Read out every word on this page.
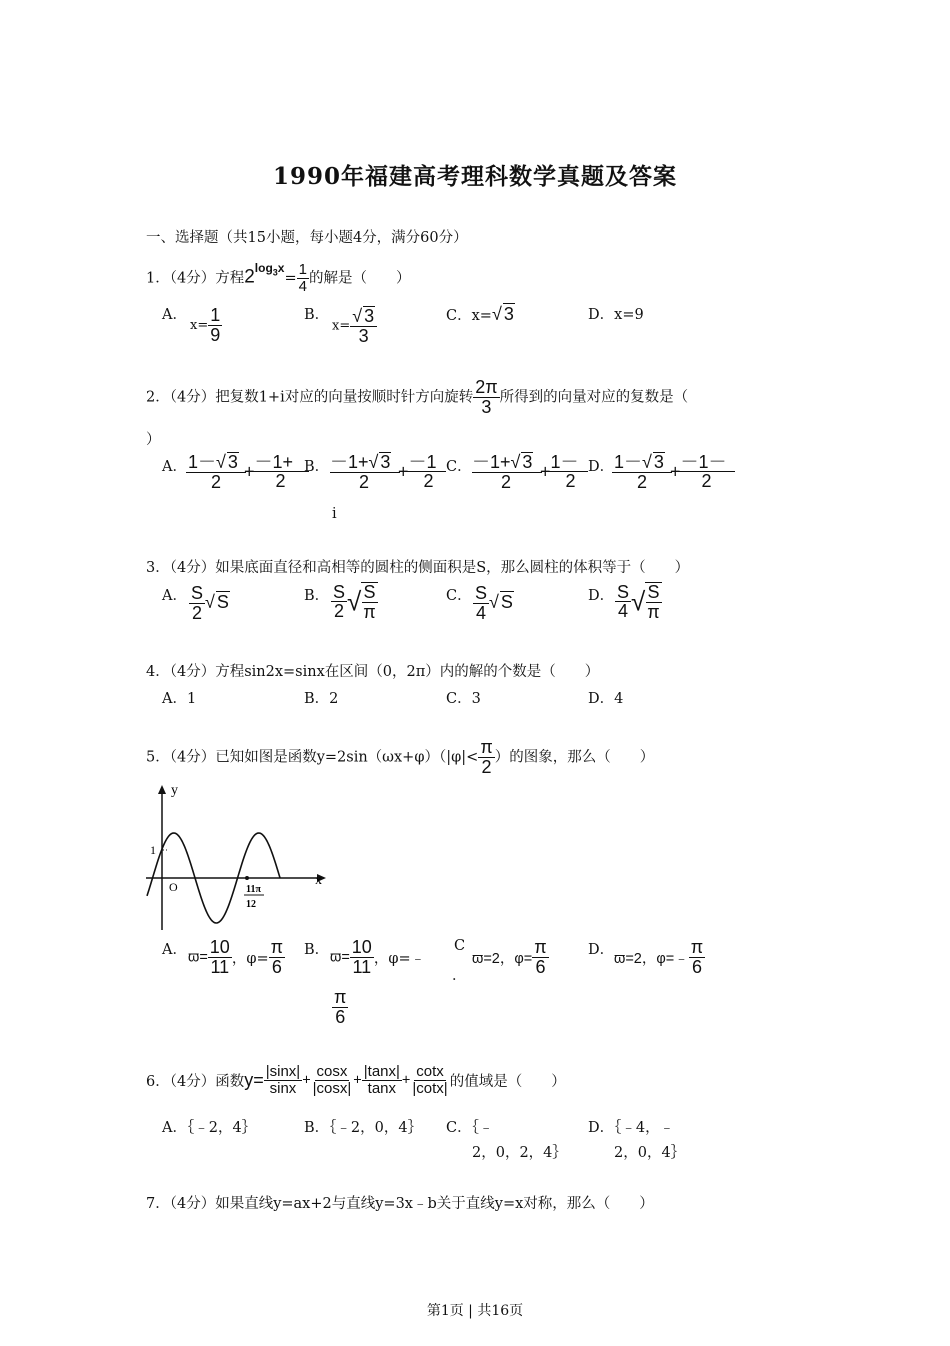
1990年福建高考理科数学真题及答案
一、选择题（共15小题，每小题4分，满分60分）
1．（4分）方程$2^{log_3x}= \frac{1}{4}$ 的解是（　　）
A．
$x= \frac{1}{9}$	B．
$x= \frac{√ 3}{3}$	C．x=√ 3	D．x=9
2．（4分）把复数1+i对应的向量按顺时针方向旋转 $\frac{2\pi}{3}$ 所得到的向量对应的复数是（
）
A． $\frac{1-√ 3}{2} + \frac{-1+}{2}$
B． $\frac{-1+√ 3}{2} + \frac{-1}{2}$
i
C． $\frac{-1+√ 3}{2} + \frac{1-}{2}$
D． $\frac{1-√ 3}{2} + \frac{-1-}{2}$
3．（4分）如果底面直径和高相等的圆柱的侧面积是S，那么圆柱的体积等于（　　）
A． $\frac{S}{2}$ √ S	B． $\frac{S}{2}$ √ $\frac{S}{\pi}$	C． $\frac{S}{4}$ √ S	D． $\frac{S}{4}$ √ $\frac{S}{\pi}$
4．（4分）方程sin2x=sinx在区间（0，2π）内的解的个数是（　　）
A．1	B．2	C．3	D．4
5．（4分）已知如图是函数$y=2\sin(\omega x+\varphi)(|\varphi|< \frac{\pi}{2}$ ）的图象，那么（　　）
y
x
O
1
11π
12
A． $ϖ= \frac{10}{11}$ ，$\varphi= \frac{\pi}{6}$ B． $ϖ= \frac{10}{11}$ ，φ=﹣
$\frac{\pi}{6}$
C
．
ϖ=2，$\varphi= \frac{\pi}{6}$	D．
ϖ=2，φ=﹣ $\frac{\pi}{6}$
6．（4分）函数$y= \frac{|\sin x|}{\sin x} + \frac{\cos x}{|\cos x|} + \frac{|\tan x|}{\tan x} + \frac{\cot x}{|\cot x|}$ 的值域是（　　）
A．｛﹣2，4｝	B．｛﹣2，0，4｝ C．｛﹣
2，0，2，4｝
D．｛﹣4，﹣
2，0，4｝
7．（4分）如果直线y=ax+2与直线y=3x﹣b关于直线y=x对称，那么（　　）
第1页 | 共16页
